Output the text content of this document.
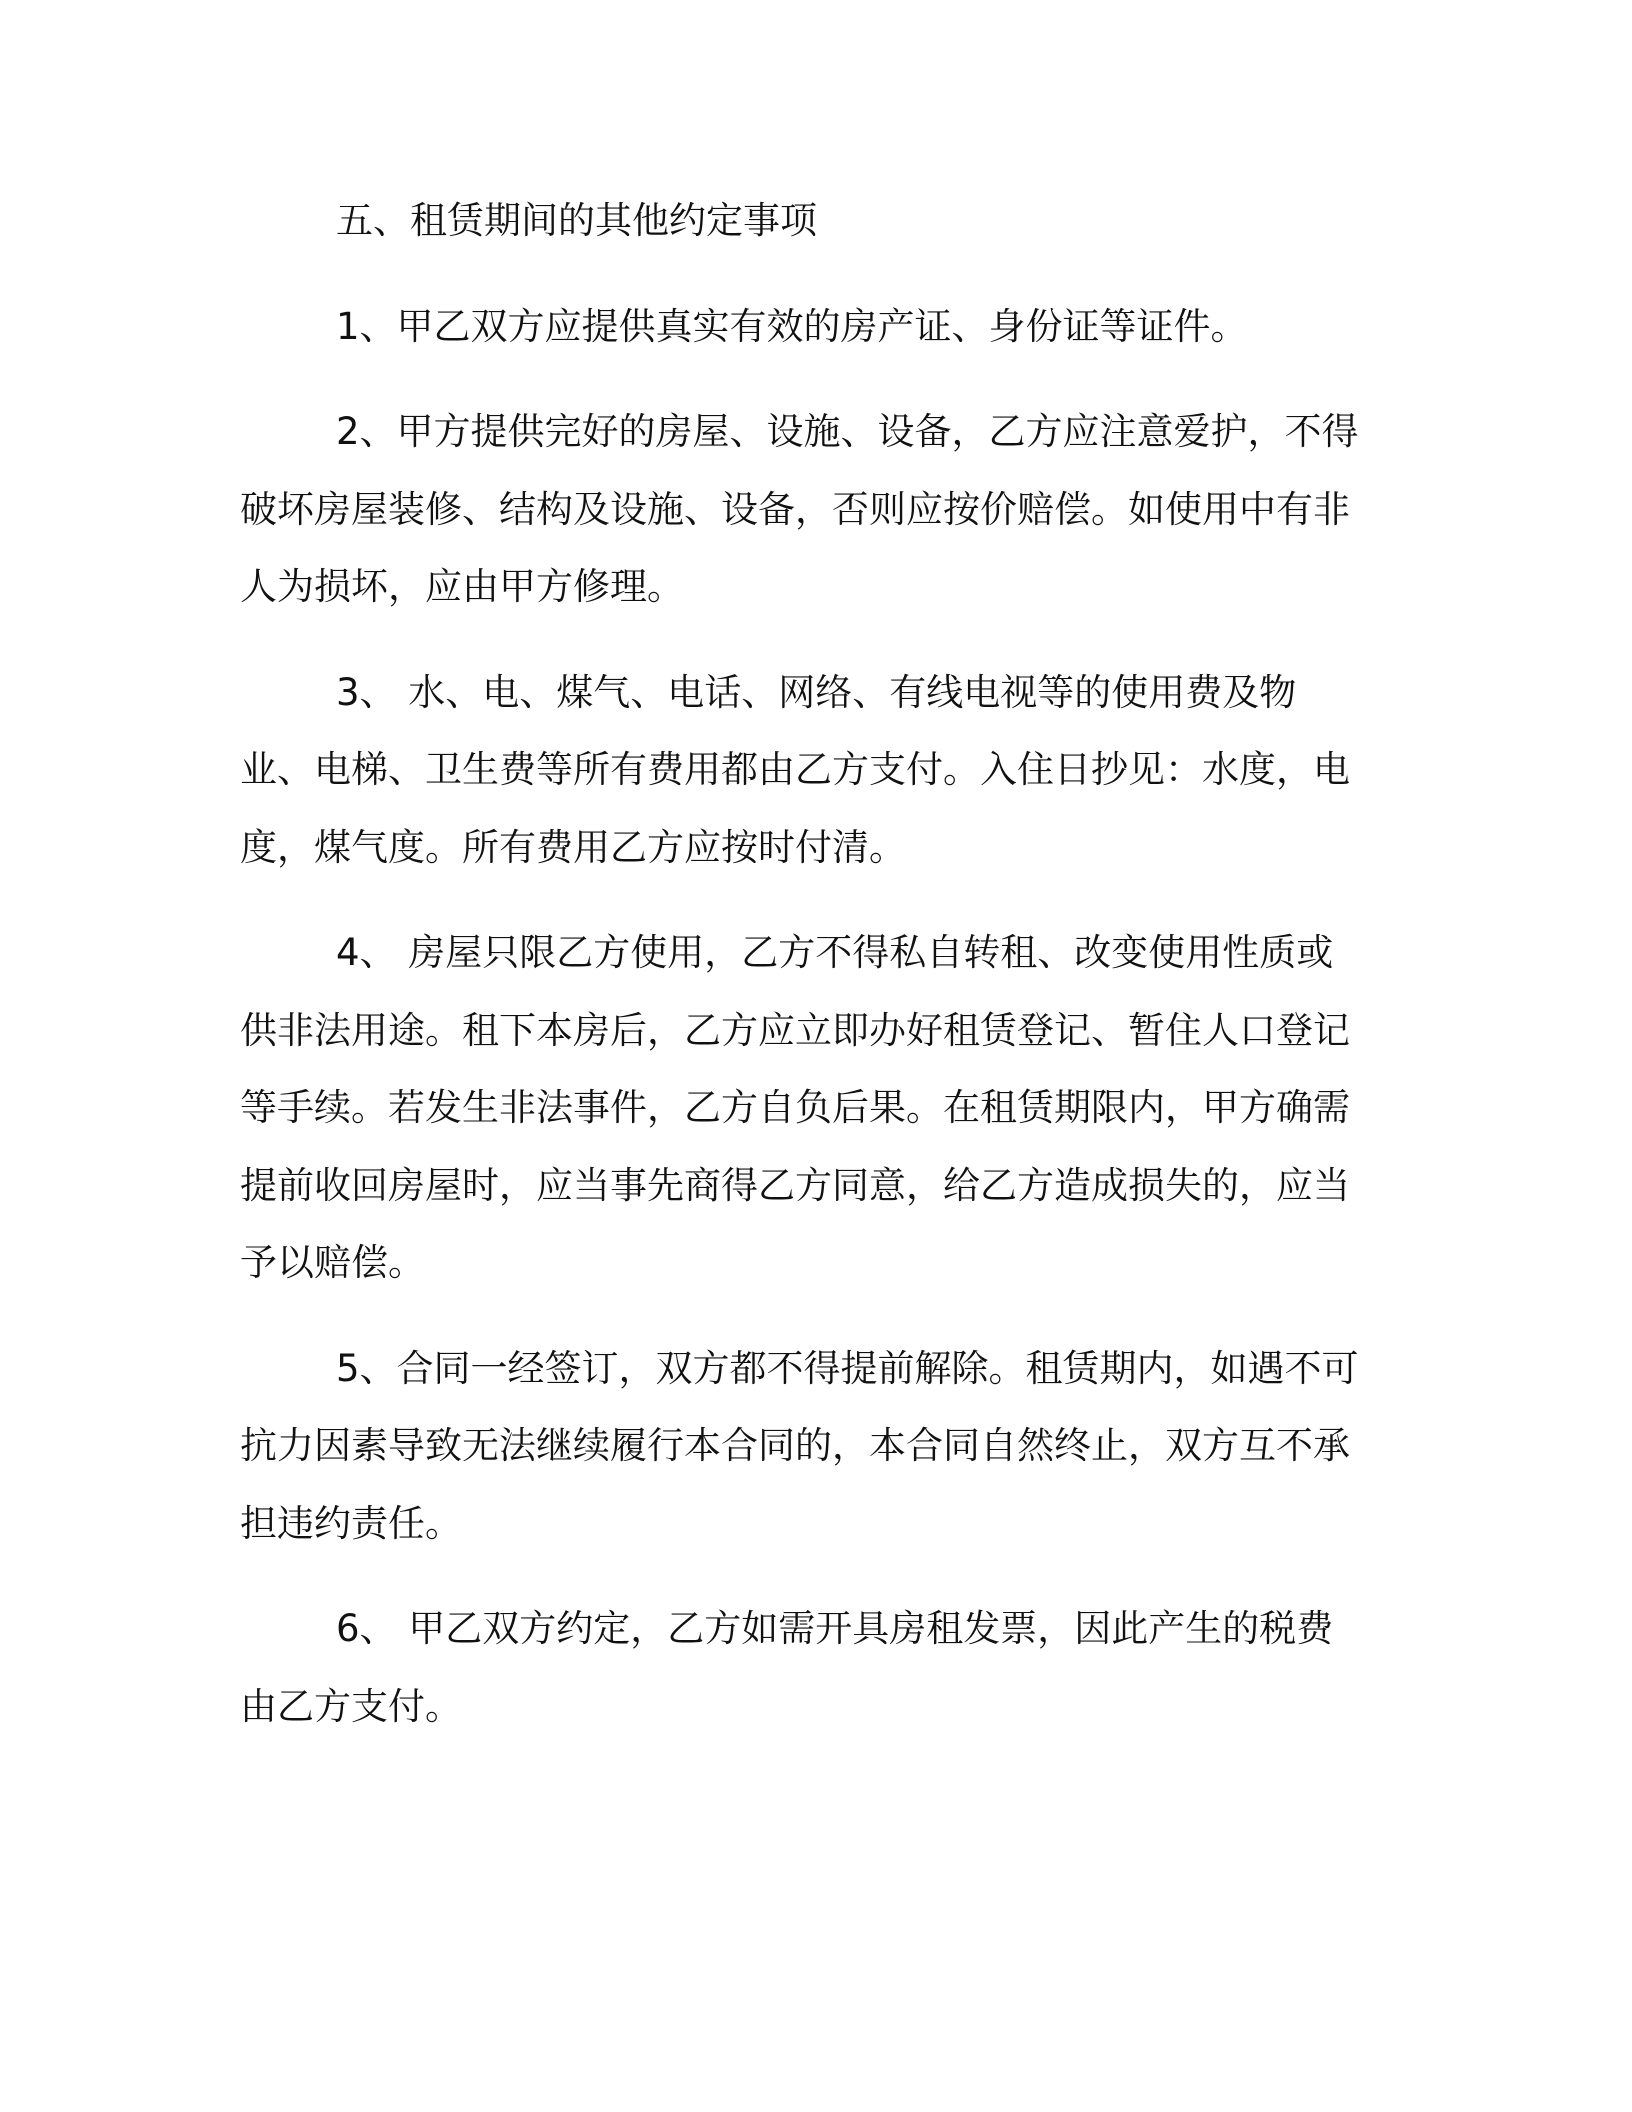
五、租赁期间的其他约定事项

1、甲乙双方应提供真实有效的房产证、身份证等证件。

2、甲方提供完好的房屋、设施、设备，乙方应注意爱护，不得破坏房屋装修、结构及设施、设备，否则应按价赔偿。如使用中有非人为损坏，应由甲方修理。

3、 水、电、煤气、电话、网络、有线电视等的使用费及物业、电梯、卫生费等所有费用都由乙方支付。入住日抄见：水度，电度，煤气度。所有费用乙方应按时付清。

4、 房屋只限乙方使用，乙方不得私自转租、改变使用性质或供非法用途。租下本房后，乙方应立即办好租赁登记、暂住人口登记等手续。若发生非法事件，乙方自负后果。在租赁期限内，甲方确需提前收回房屋时，应当事先商得乙方同意，给乙方造成损失的，应当予以赔偿。

5、合同一经签订，双方都不得提前解除。租赁期内，如遇不可抗力因素导致无法继续履行本合同的，本合同自然终止，双方互不承担违约责任。

6、 甲乙双方约定，乙方如需开具房租发票，因此产生的税费由乙方支付。
